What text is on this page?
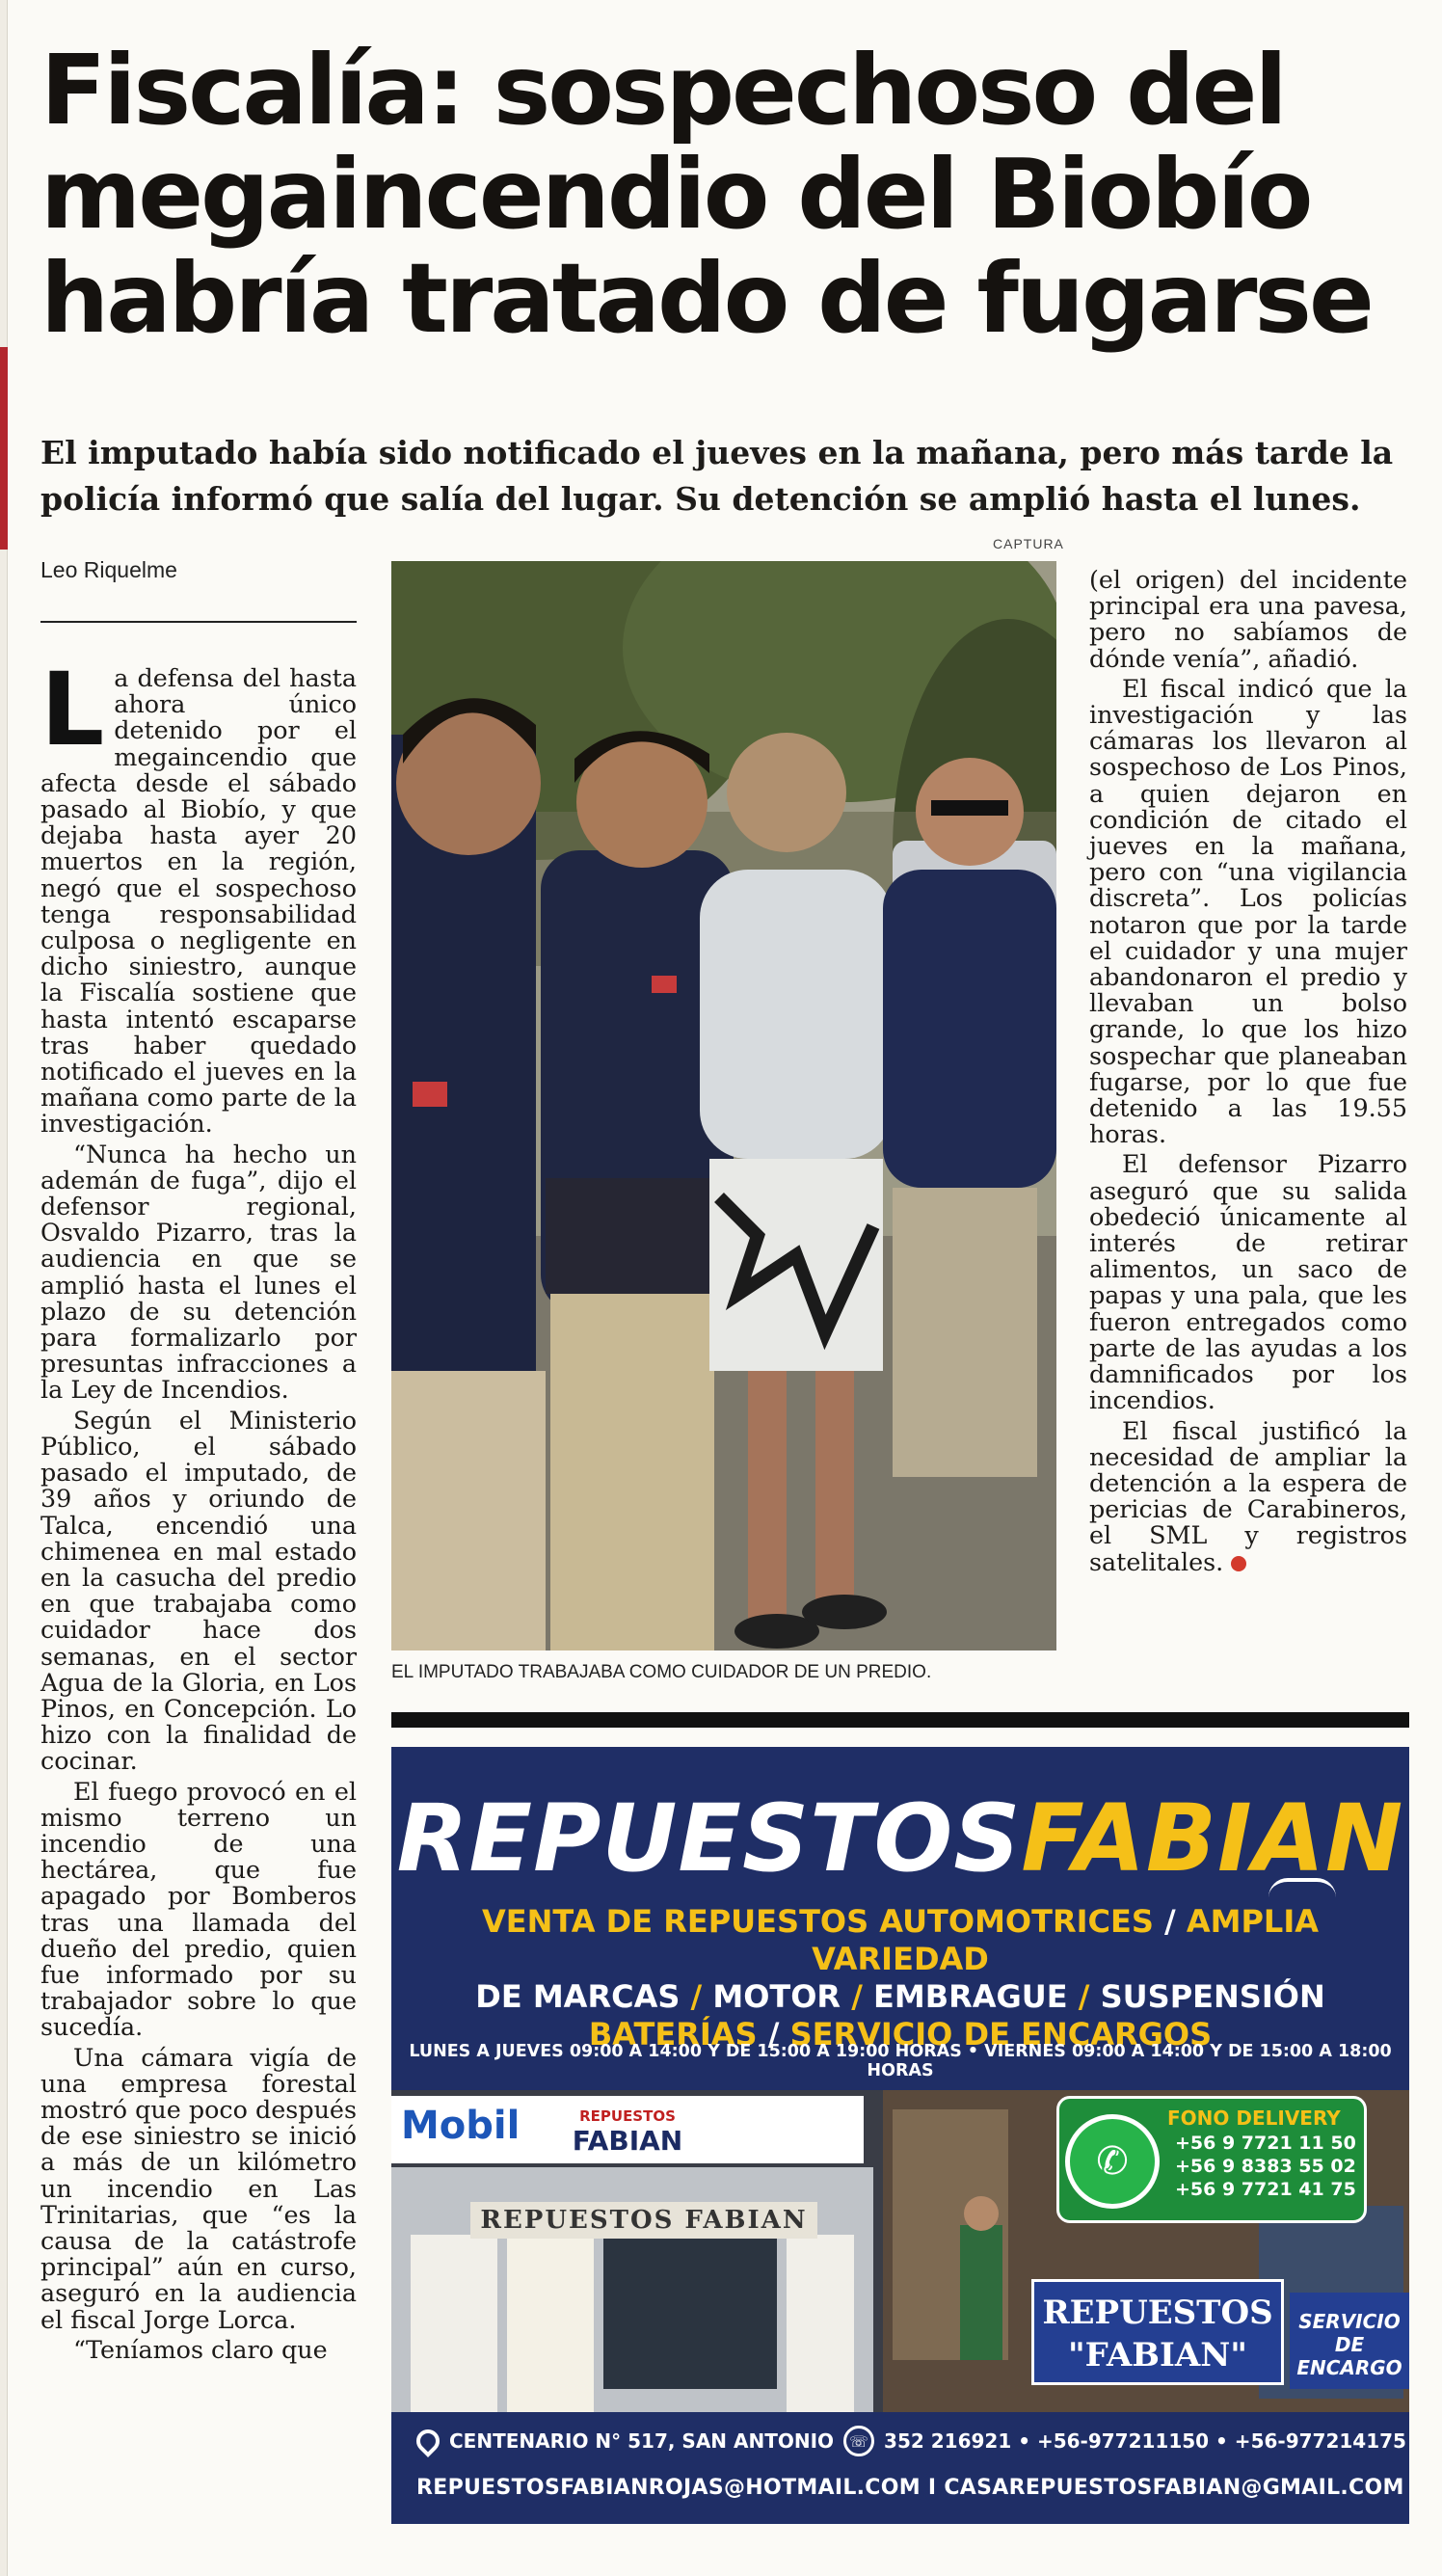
Fiscalía: sospechoso del
megaincendio del Biobío
habría tratado de fugarse
El imputado había sido notificado el jueves en la mañana, pero más tarde la
policía informó que salía del lugar. Su detención se amplió hasta el lunes.
Leo Riquelme
CAPTURA

La defensa del hasta ahora único detenido por el megaincendio que afecta desde el sábado pasado al Biobío, y que dejaba hasta ayer 20 muertos en la región, negó que el sospechoso tenga responsabilidad culposa o negligente en dicho siniestro, aunque la Fiscalía sostiene que hasta intentó escaparse tras haber quedado notificado el jueves en la mañana como parte de la investigación.

“Nunca ha hecho un ademán de fuga”, dijo el defensor regional, Osvaldo Pizarro, tras la audiencia en que se amplió hasta el lunes el plazo de su detención para formalizarlo por presuntas infracciones a la Ley de Incendios.

Según el Ministerio Público, el sábado pasado el imputado, de 39 años y oriundo de Talca, encendió una chimenea en mal estado en la casucha del predio en que trabajaba como cuidador hace dos semanas, en el sector Agua de la Gloria, en Los Pinos, en Concepción. Lo hizo con la finalidad de cocinar.

El fuego provocó en el mismo terreno un incendio de una hectárea, que fue apagado por Bomberos tras una llamada del dueño del predio, quien fue informado por su trabajador sobre lo que sucedía.

Una cámara vigía de una empresa forestal mostró que poco después de ese siniestro se inició a más de un kilómetro un incendio en Las Trinitarias, que “es la causa de la catástrofe principal” aún en curso, aseguró en la audiencia el fiscal Jorge Lorca.

“Teníamos claro que

EL IMPUTADO TRABAJABA COMO CUIDADOR DE UN PREDIO.

(el origen) del incidente principal era una pavesa, pero no sabíamos de dónde venía”, añadió.

El fiscal indicó que la investigación y las cámaras los llevaron al sospechoso de Los Pinos, a quien dejaron en condición de citado el jueves en la mañana, pero con “una vigilancia discreta”. Los policías notaron que por la tarde el cuidador y una mujer abandonaron el predio y llevaban un bolso grande, lo que los hizo sospechar que planeaban fugarse, por lo que fue detenido a las 19.55 horas.

El defensor Pizarro aseguró que su salida obedeció únicamente al interés de retirar alimentos, un saco de papas y una pala, que les fueron entregados como parte de las ayudas a los damnificados por los incendios.

El fiscal justificó la necesidad de ampliar la detención a la espera de pericias de Carabineros, el SML y registros satelitales.

REPUESTOSFABIAN
VENTA DE REPUESTOS AUTOMOTRICES / AMPLIA VARIEDAD
DE MARCAS / MOTOR / EMBRAGUE / SUSPENSIÓN
BATERÍAS / SERVICIO DE ENCARGOS
LUNES A JUEVES 09:00 A 14:00 Y DE 15:00 A 19:00 HORAS • VIERNES 09:00 A 14:00 Y DE 15:00 A 18:00 HORAS
Mobil	REPUESTOS
FABIAN
REPUESTOS FABIAN
REPUESTOS
"FABIAN"
SERVICIO
DE
ENCARGO
✆
FONO DELIVERY
+56 9 7721 11 50
+56 9 8383 55 02
+56 9 7721 41 75
CENTENARIO N° 517, SAN ANTONIO ☏ 352 216921 • +56-977211150 • +56-977214175
REPUESTOSFABIANROJAS@HOTMAIL.COM I CASAREPUESTOSFABIAN@GMAIL.COM
